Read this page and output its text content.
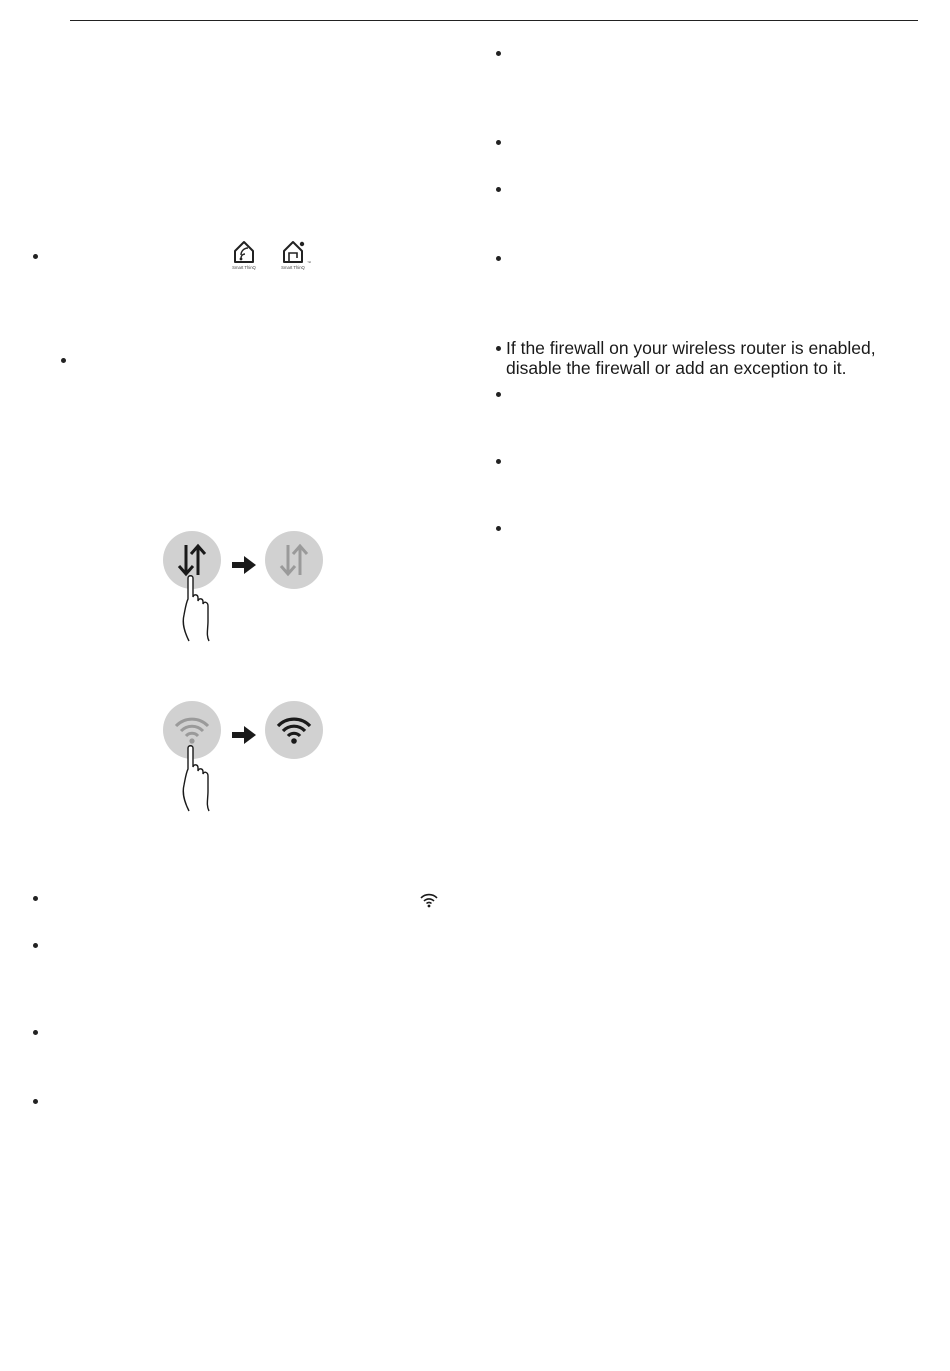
If the firewall on your wireless router is enabled,
disable the firewall or add an exception to it.
Smart ThinQ	Smart ThinQ
™
